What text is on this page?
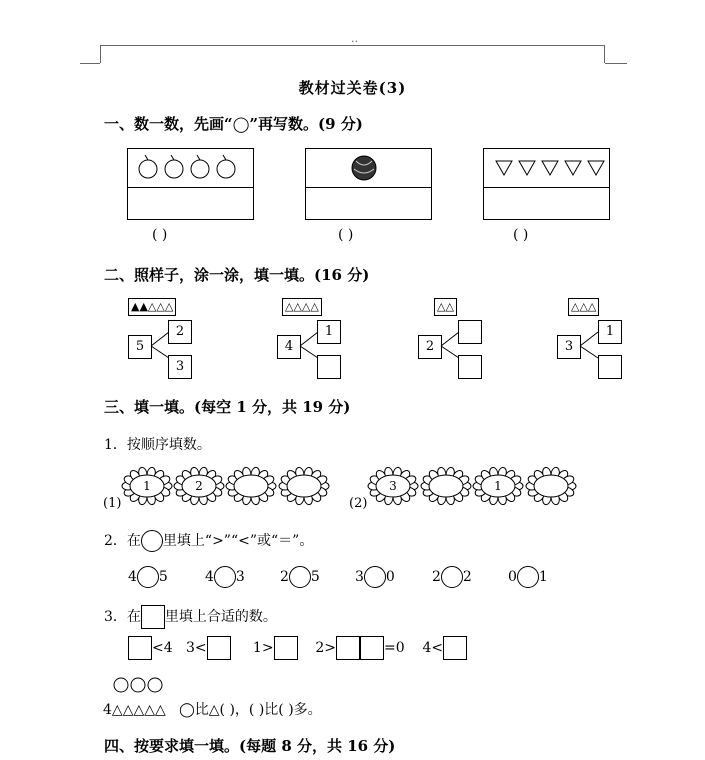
..
教材过关卷(3)
一、数一数，先画“◯”再写数。(9 分)
( )	( )	( )
二、照样子，涂一涂，填一填。(16 分)
▲▲△△△
5
2
3
△△△△
4
1
△△
2
△△△
3
1
三、填一填。(每空 1 分，共 19 分)
1．按顺序填数。
(1)	(2)
1	2	3	1
2．在 里填上“>”“<”或“＝”。
4 5	4 3	2 5	3 0	2 2	0 1
3．在 里填上合适的数。
<4 3<	1>	2>	=0 4<
4△△△△△ ◯比△( )，( )比( )多。
四、按要求填一填。(每题 8 分，共 16 分)
